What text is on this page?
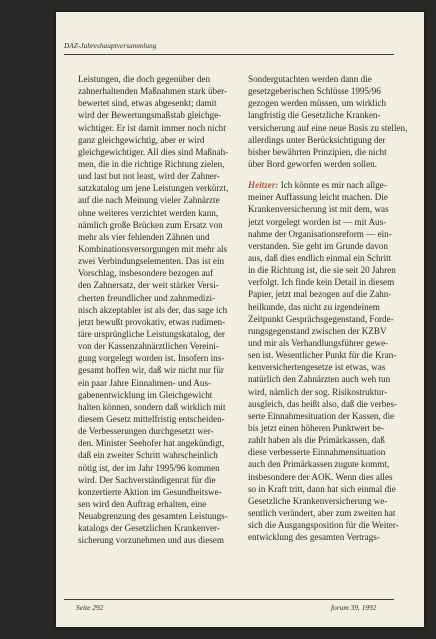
DAZ-Jahreshauptversammlung
Leistungen, die doch gegenüber den
zahnerhaltenden Maßnahmen stark über-
bewertet sind, etwas abgesenkt; damit
wird der Bewertungsmaßstab gleichge-
wichtiger. Er ist damit immer noch nicht
ganz gleichgewichtig, aber er wird
gleichgewichtiger. All dies sind Maßnah-
men, die in die richtige Richtung zielen,
und last but not least, wird der Zahner-
satzkatalog um jene Leistungen verkürzt,
auf die nach Meinung vieler Zahnärzte
ohne weiteres verzichtet werden kann,
nämlich große Brücken zum Ersatz von
mehr als vier fehlenden Zähnen und
Kombinationsversorgungen mit mehr als
zwei Verbindungselementen. Das ist ein
Vorschlag, insbesondere bezogen auf
den Zahnersatz, der weit stärker Versi-
cherten freundlicher und zahnmedizi-
nisch akzeptabler ist als der, das sage ich
jetzt bewußt provokativ, etwas rudimen-
täre ursprüngliche Leistungskatalog, der
von der Kassenzahnärztlichen Vereini-
gung vorgelegt worden ist. Insofern ins-
gesamt hoffen wir, daß wir nicht nur für
ein paar Jahre Einnahmen- und Aus-
gabenentwicklung im Gleichgewicht
halten können, sondern daß wirklich mit
diesem Gesetz mittelfristig entscheiden-
de Verbesserungen durchgesetzt wer-
den. Minister Seehofer hat angekündigt,
daß ein zweiter Schritt wahrscheinlich
nötig ist, der im Jahr 1995/96 kommen
wird. Der Sachverständigenrat für die
konzertierte Aktion im Gesundheitswe-
sen wird den Auftrag erhalten, eine
Neuabgrenzung des gesamten Leistungs-
katalogs der Gesetzlichen Krankenver-
sicherung vorzunehmen und aus diesem
Sondergutachten werden dann die
gesetzgeberischen Schlüsse 1995/96
gezogen werden müssen, um wirklich
langfristig die Gesetzliche Kranken-
versicherung auf eine neue Basis zu stellen,
allerdings unter Berücksichtigung der
bisher bewährten Prinzipien, die nicht
über Bord geworfen werden sollen.
Heitzer: Ich könnte es mir nach allge-
meiner Auffassung leicht machen. Die
Krankenversicherung ist mit dem, was
jetzt vorgelegt worden ist — mit Aus-
nahme der Organisationsreform — ein-
verstanden. Sie geht im Grunde davon
aus, daß dies endlich einmal ein Schritt
in die Richtung ist, die sie seit 20 Jahren
verfolgt. Ich finde kein Detail in diesem
Papier, jetzt mal bezogen auf die Zahn-
heilkunde, das nicht zu irgendeinem
Zeitpunkt Gesprächsgegenstand, Forde-
rungsgegenstand zwischen der KZBV
und mir als Verhandlungsführer gewe-
sen ist. Wesentlicher Punkt für die Kran-
kenversichertengesetze ist etwas, was
natürlich den Zahnärzten auch weh tun
wird, nämlich der sog. Risikostruktur-
ausgleich, das heißt also, daß die verbes-
serte Einnahmesituation der Kassen, die
bis jetzt einen höheren Punktwert be-
zahlt haben als die Primärkassen, daß
diese verbesserte Einnahmensituation
auch den Primärkassen zugute kommt,
insbesondere der AOK. Wenn dies alles
so in Kraft tritt, dann hat sich einmal die
Gesetzliche Krankenversicherung we-
sentlich verändert, aber zum zweiten hat
sich die Ausgangsposition für die Weiter-
entwicklung des gesamten Vertrags-
Seite 292	forum 39, 1992
